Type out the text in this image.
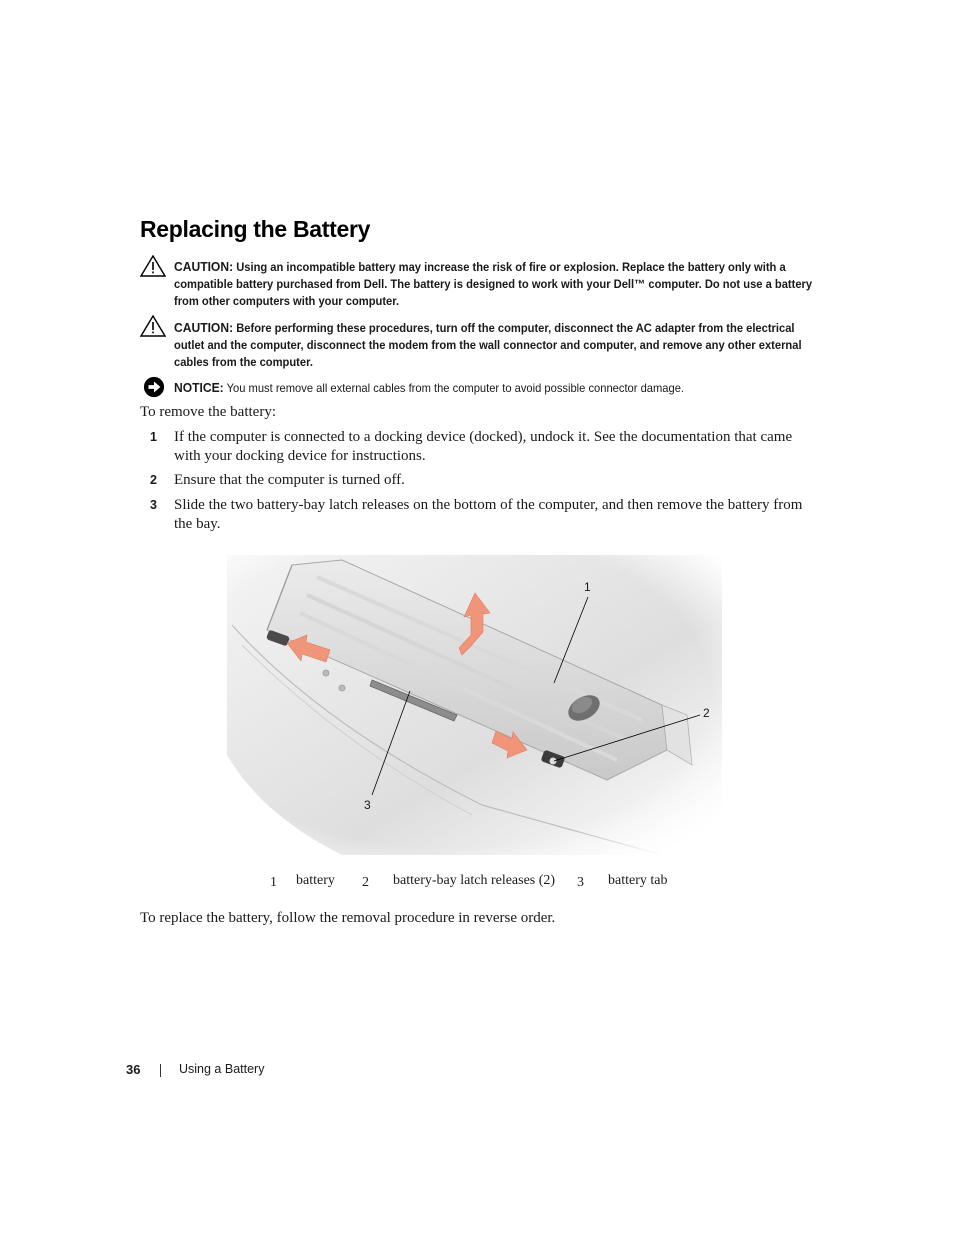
Replacing the Battery
CAUTION: Using an incompatible battery may increase the risk of fire or explosion. Replace the battery only with a compatible battery purchased from Dell. The battery is designed to work with your Dell™ computer. Do not use a battery from other computers with your computer.
CAUTION: Before performing these procedures, turn off the computer, disconnect the AC adapter from the electrical outlet and the computer, disconnect the modem from the wall connector and computer, and remove any other external cables from the computer.
NOTICE: You must remove all external cables from the computer to avoid possible connector damage.

To remove the battery:

1 If the computer is connected to a docking device (docked), undock it. See the documentation that came with your docking device for instructions.
2 Ensure that the computer is turned off.
3 Slide the two battery-bay latch releases on the bottom of the computer, and then remove the battery from the bay.
1
2
3
1 battery 2 battery-bay latch releases (2) 3 battery tab

To replace the battery, follow the removal procedure in reverse order.

36	Using a Battery
